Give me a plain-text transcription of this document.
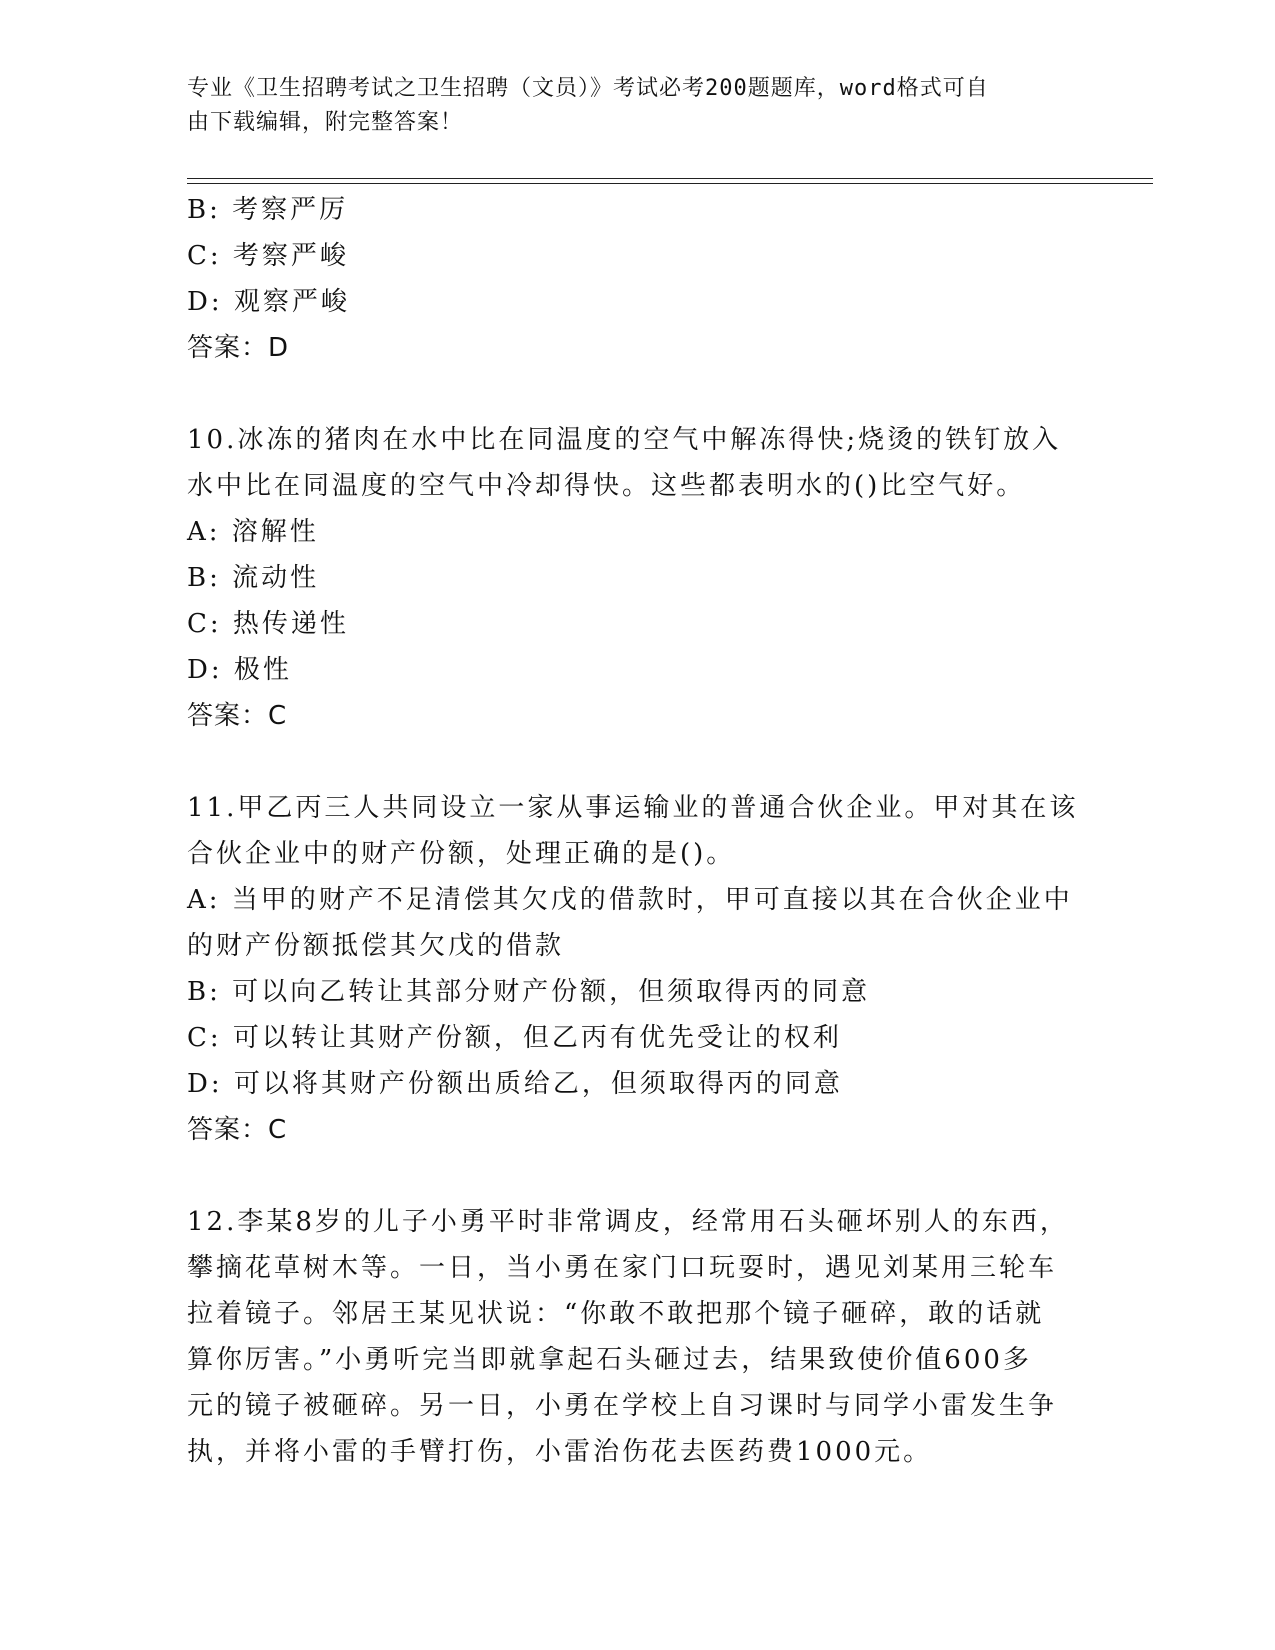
专业《卫生招聘考试之卫生招聘（文员）》考试必考200题题库，word格式可自
由下载编辑，附完整答案！
B: 考察严厉
C: 考察严峻
D: 观察严峻
答案：D
10.冰冻的猪肉在水中比在同温度的空气中解冻得快;烧烫的铁钉放入
水中比在同温度的空气中冷却得快。这些都表明水的()比空气好。
A: 溶解性
B: 流动性
C: 热传递性
D: 极性
答案：C
11.甲乙丙三人共同设立一家从事运输业的普通合伙企业。甲对其在该
合伙企业中的财产份额，处理正确的是()。
A: 当甲的财产不足清偿其欠戊的借款时，甲可直接以其在合伙企业中
的财产份额抵偿其欠戊的借款
B: 可以向乙转让其部分财产份额，但须取得丙的同意
C: 可以转让其财产份额，但乙丙有优先受让的权利
D: 可以将其财产份额出质给乙，但须取得丙的同意
答案：C
12.李某8岁的儿子小勇平时非常调皮，经常用石头砸坏别人的东西，
攀摘花草树木等。一日，当小勇在家门口玩耍时，遇见刘某用三轮车
拉着镜子。邻居王某见状说：“你敢不敢把那个镜子砸碎，敢的话就
算你厉害。”小勇听完当即就拿起石头砸过去，结果致使价值600多
元的镜子被砸碎。另一日，小勇在学校上自习课时与同学小雷发生争
执，并将小雷的手臂打伤，小雷治伤花去医药费1000元。
